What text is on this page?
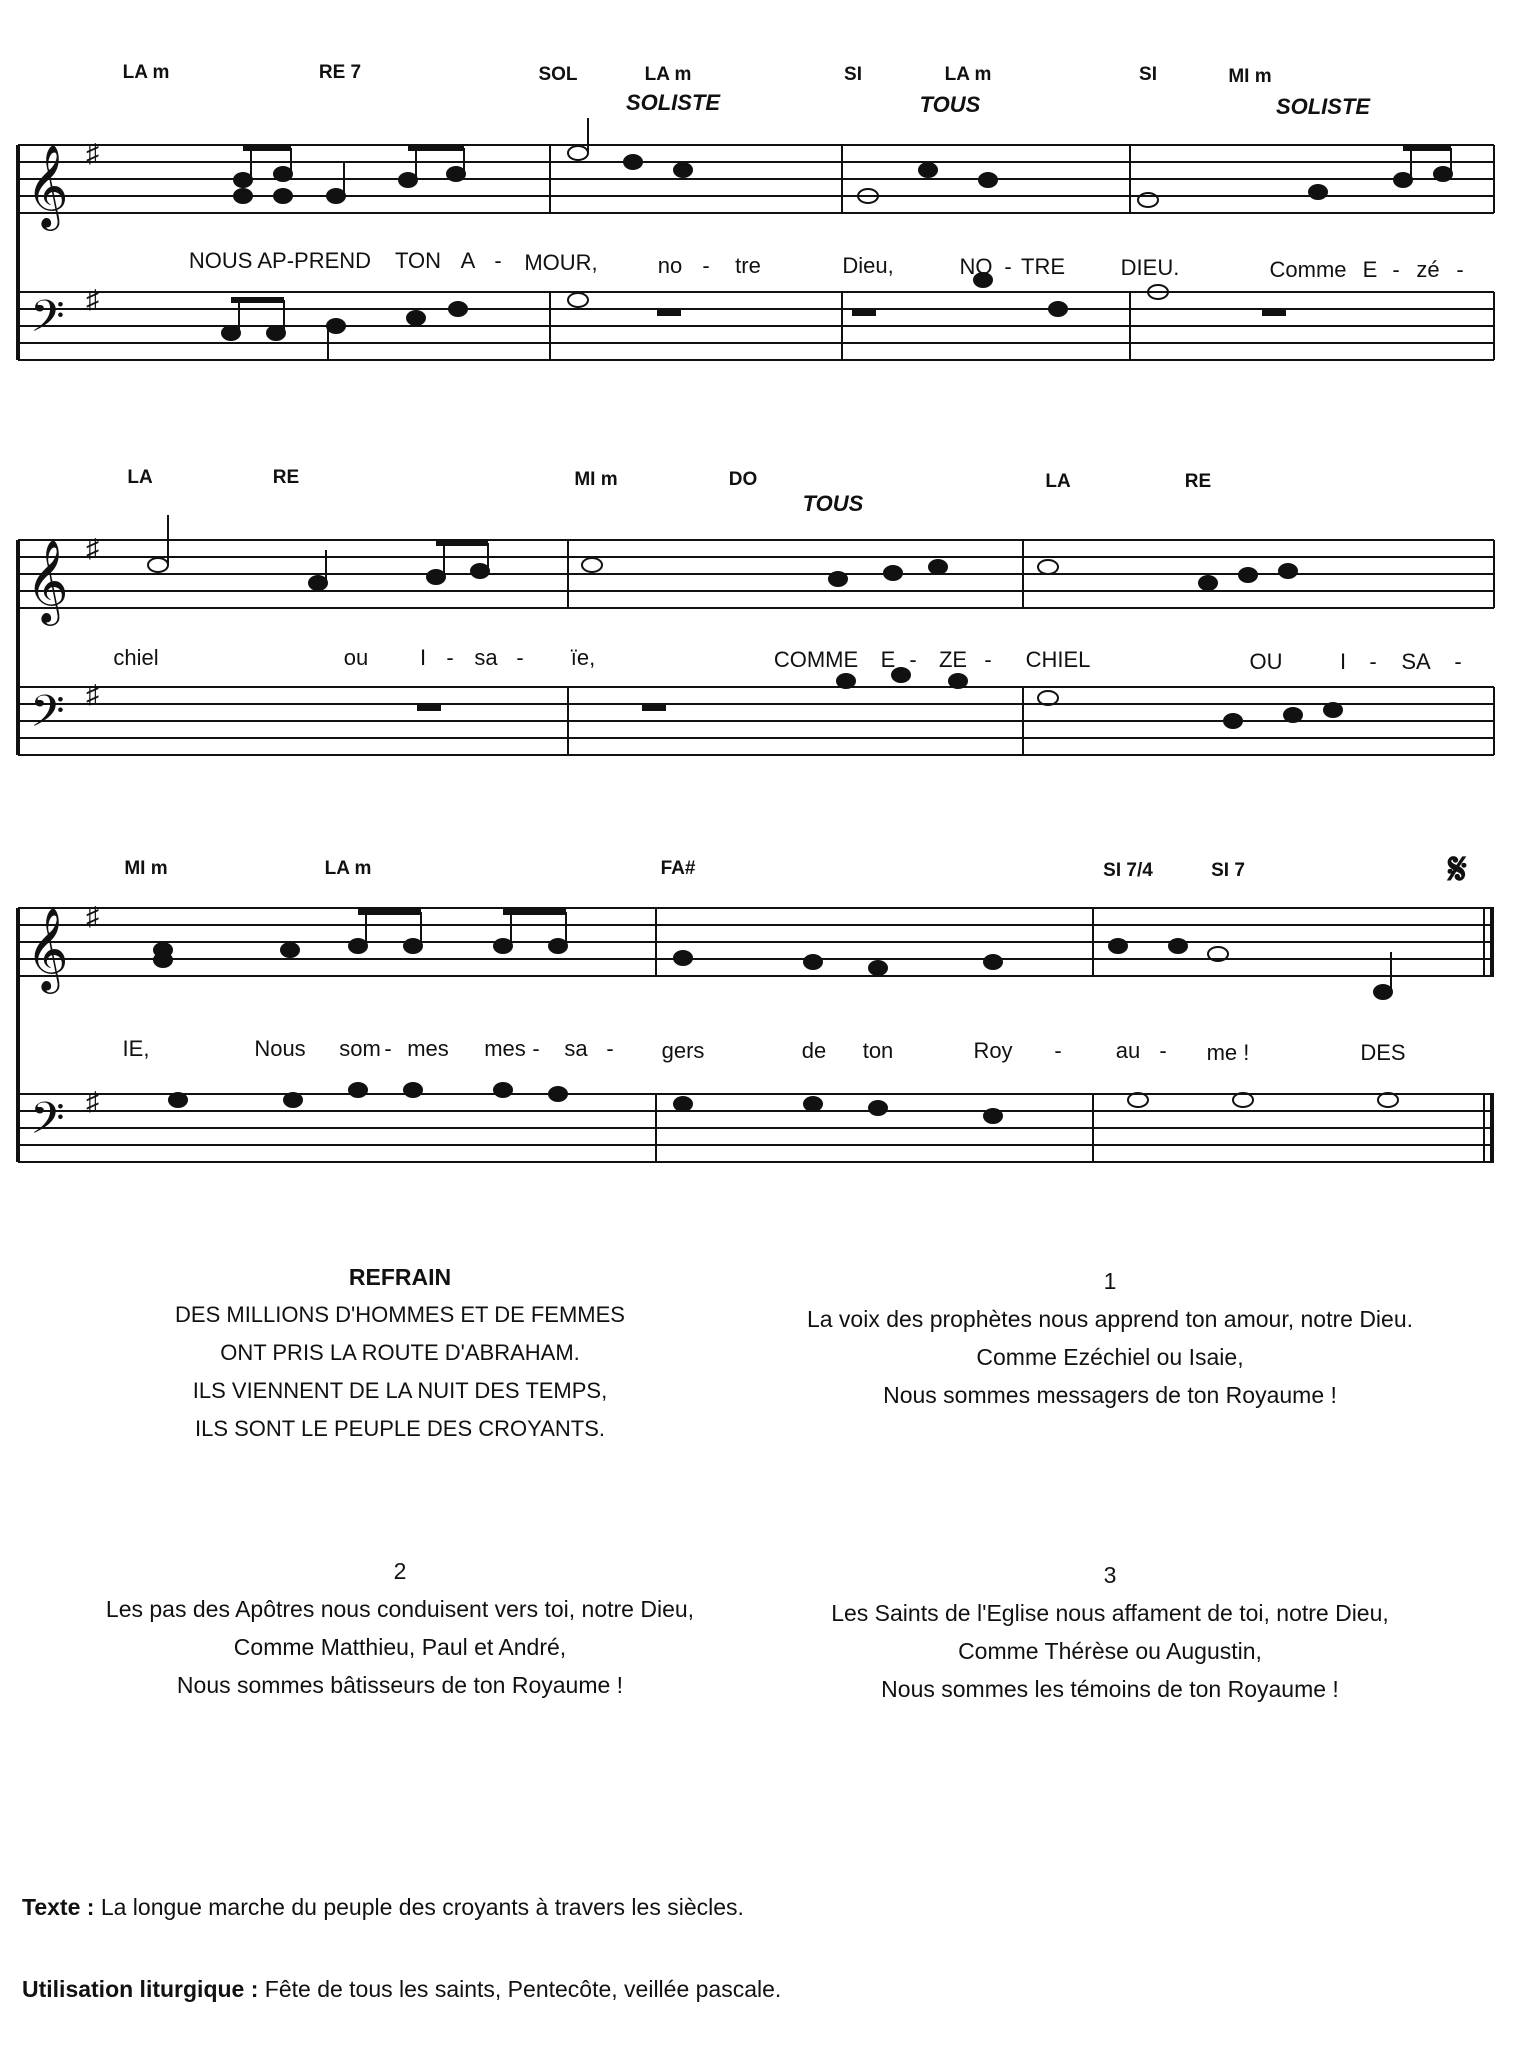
𝄞
𝄢
♯
♯
LA m	RE 7	SOL	LA m	SI	LA m	SI	MI m
SOLISTE	TOUS	SOLISTE
NOUS AP-PREND TON A - MOUR,	no - tre	Dieu,	NO - TRE	DIEU.	Comme E - zé -
𝄞
𝄢
♯
♯
LA	RE	MI m	DO	LA	RE
TOUS
chiel	ou I - sa - ïe,	COMME E - ZE - CHIEL	OU	I - SA -
𝄞
𝄢
♯
♯
MI m	LA m	FA#	SI 7/4	SI 7
IE,	Nous som - mes mes - sa - gers	de ton	Roy - au - me !	DES
𝄋
REFRAIN
DES MILLIONS D'HOMMES ET DE FEMMES
ONT PRIS LA ROUTE D'ABRAHAM.
ILS VIENNENT DE LA NUIT DES TEMPS,
ILS SONT LE PEUPLE DES CROYANTS.
1
La voix des prophètes nous apprend ton amour, notre Dieu.
Comme Ezéchiel ou Isaie,
Nous sommes messagers de ton Royaume !
2
Les pas des Apôtres nous conduisent vers toi, notre Dieu,
Comme Matthieu, Paul et André,
Nous sommes bâtisseurs de ton Royaume !
3
Les Saints de l'Eglise nous affament de toi, notre Dieu,
Comme Thérèse ou Augustin,
Nous sommes les témoins de ton Royaume !
Texte : La longue marche du peuple des croyants à travers les siècles.
Utilisation liturgique : Fête de tous les saints, Pentecôte, veillée pascale.
